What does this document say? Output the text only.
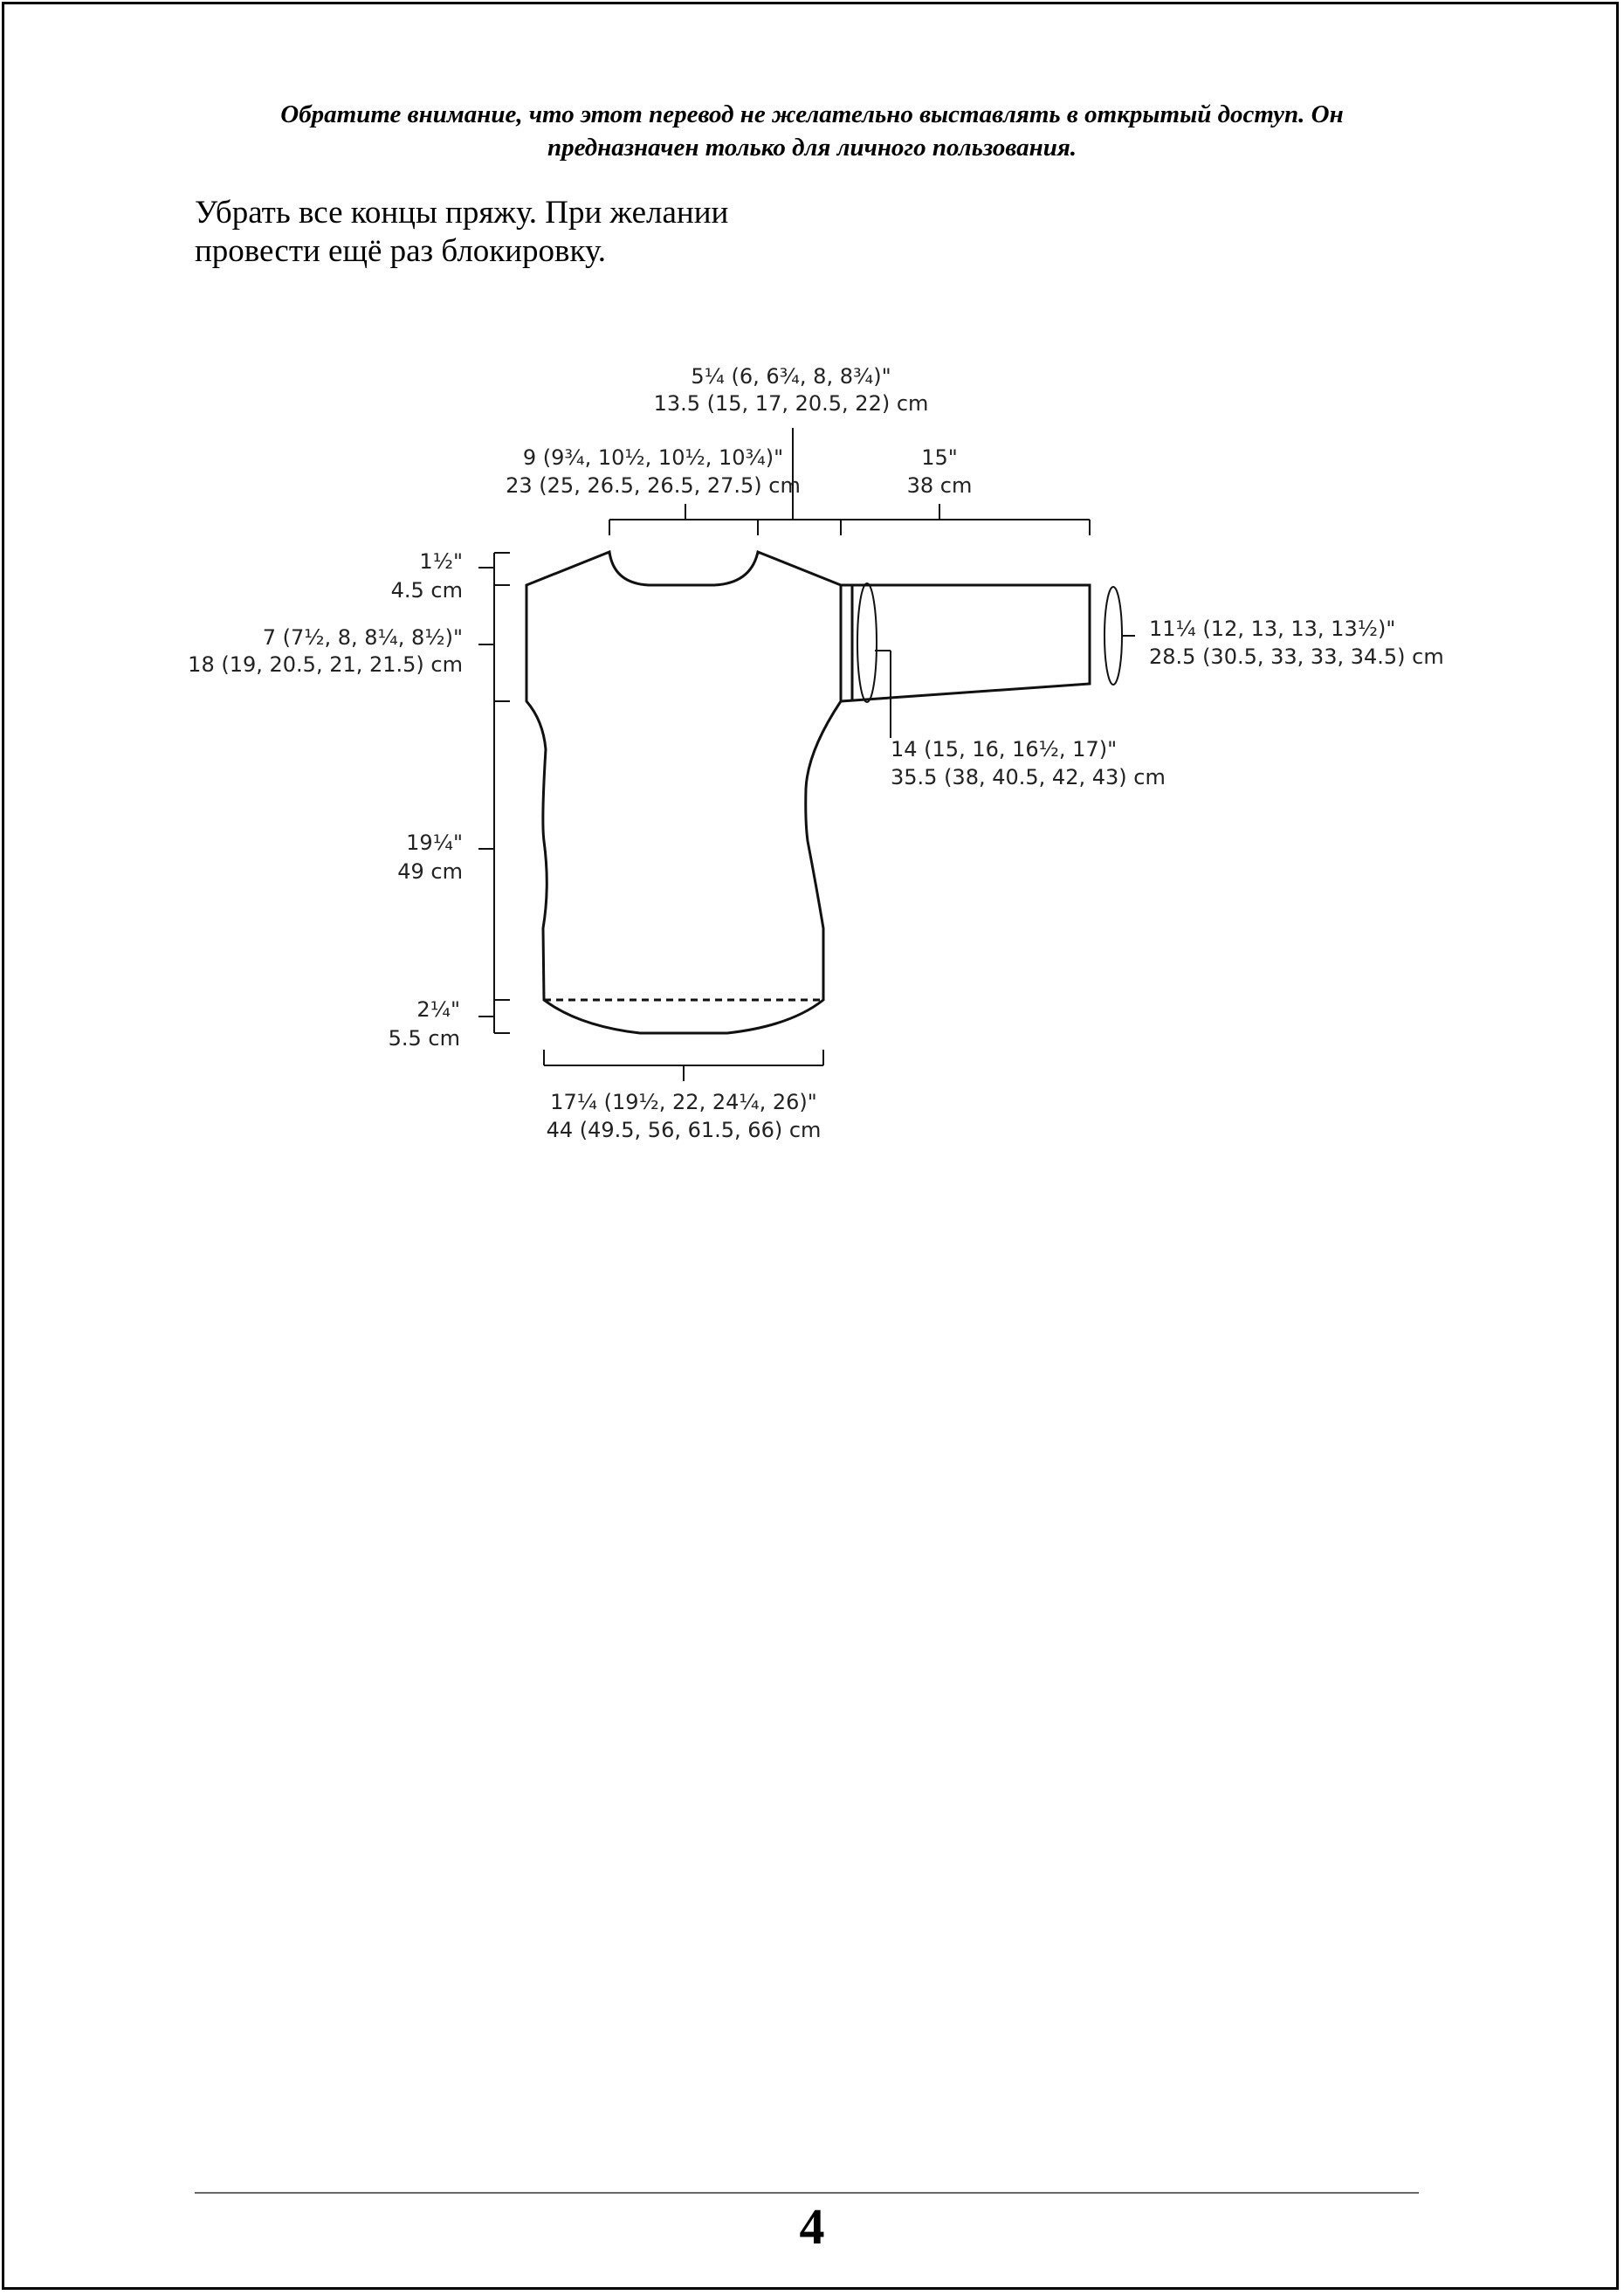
Обратите внимание, что этот перевод не желательно выставлять в открытый доступ. Он
предназначен только для личного пользования.
Убрать все концы пряжу. При желании
провести ещё раз блокировку.
5¼ (6, 6¾, 8, 8¾)"
13.5 (15, 17, 20.5, 22) cm
9 (9¾, 10½, 10½, 10¾)"
23 (25, 26.5, 26.5, 27.5) cm
15"
38 cm
1½"
4.5 cm
7 (7½, 8, 8¼, 8½)"
18 (19, 20.5, 21, 21.5) cm
11¼ (12, 13, 13, 13½)"
28.5 (30.5, 33, 33, 34.5) cm
14 (15, 16, 16½, 17)"
35.5 (38, 40.5, 42, 43) cm
19¼"
49 cm
2¼"
5.5 cm
17¼ (19½, 22, 24¼, 26)"
44 (49.5, 56, 61.5, 66) cm
4
